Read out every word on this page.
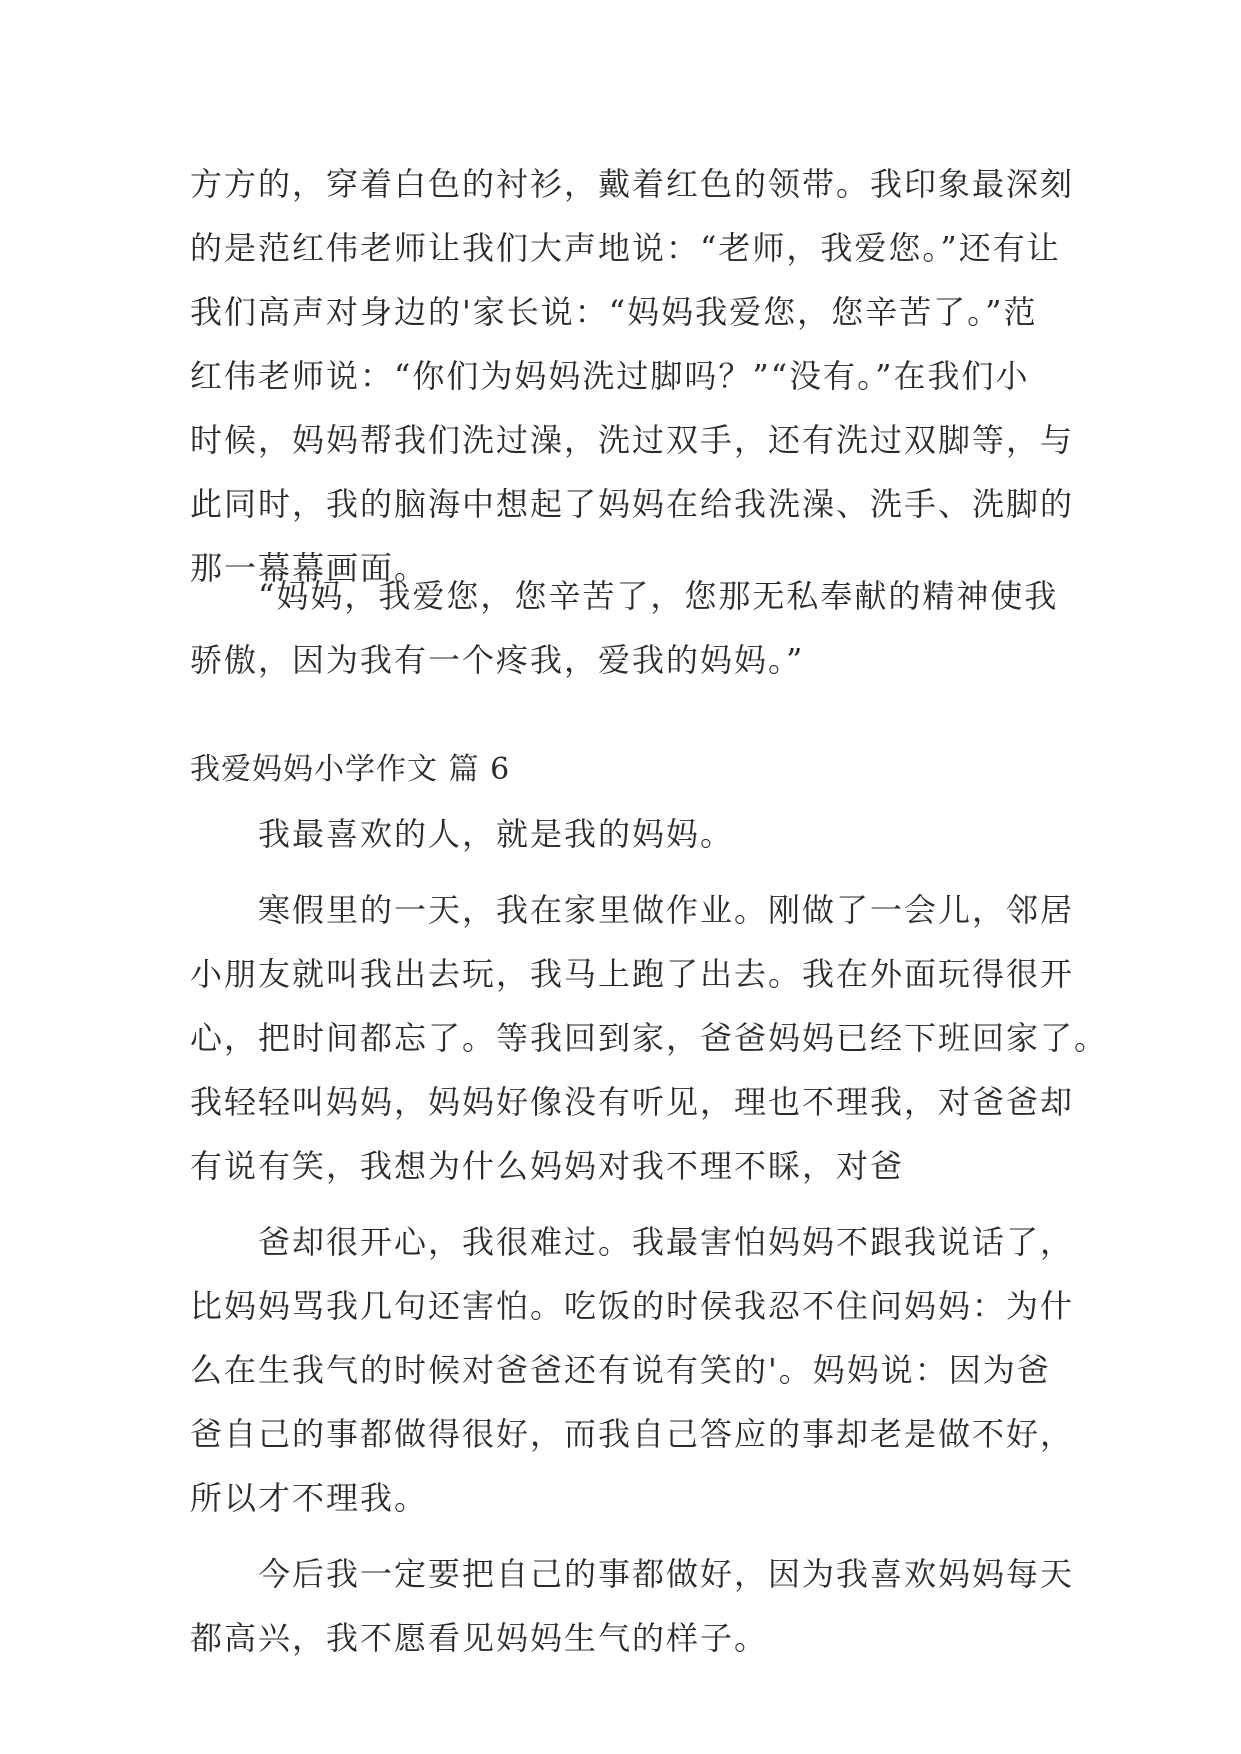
方方的，穿着白色的衬衫，戴着红色的领带。我印象最深刻
的是范红伟老师让我们大声地说：“老师，我爱您。”还有让
我们高声对身边的'家长说：“妈妈我爱您，您辛苦了。”范
红伟老师说：“你们为妈妈洗过脚吗？”“没有。”在我们小
时候，妈妈帮我们洗过澡，洗过双手，还有洗过双脚等，与
此同时，我的脑海中想起了妈妈在给我洗澡、洗手、洗脚的
那一幕幕画面。

“妈妈，我爱您，您辛苦了，您那无私奉献的精神使我
骄傲，因为我有一个疼我，爱我的妈妈。”

我爱妈妈小学作文 篇 6

我最喜欢的人，就是我的妈妈。

寒假里的一天，我在家里做作业。刚做了一会儿，邻居
小朋友就叫我出去玩，我马上跑了出去。我在外面玩得很开
心，把时间都忘了。等我回到家，爸爸妈妈已经下班回家了。
我轻轻叫妈妈，妈妈好像没有听见，理也不理我，对爸爸却
有说有笑，我想为什么妈妈对我不理不睬，对爸

爸却很开心，我很难过。我最害怕妈妈不跟我说话了，
比妈妈骂我几句还害怕。吃饭的时侯我忍不住问妈妈：为什
么在生我气的时候对爸爸还有说有笑的'。妈妈说：因为爸
爸自己的事都做得很好，而我自己答应的事却老是做不好，
所以才不理我。

今后我一定要把自己的事都做好，因为我喜欢妈妈每天
都高兴，我不愿看见妈妈生气的样子。
